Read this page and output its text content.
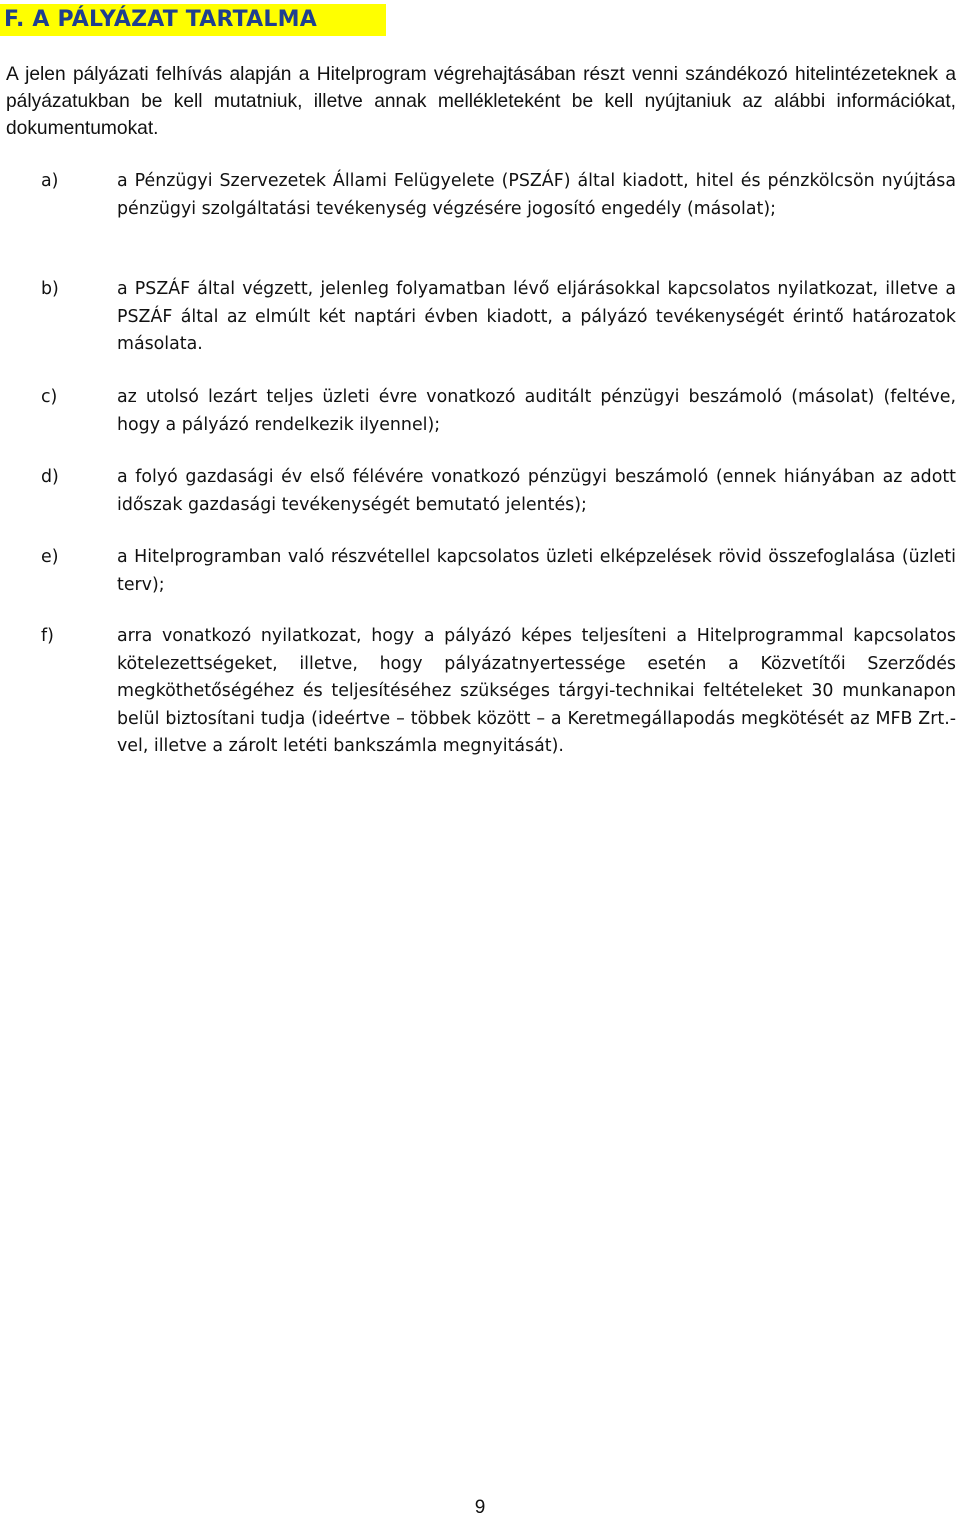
F. A PÁLYÁZAT TARTALMA

A jelen pályázati felhívás alapján a Hitelprogram végrehajtásában részt venni szándékozó hitelintézeteknek a pályázatukban be kell mutatniuk, illetve annak mellékleteként be kell nyújtaniuk az alábbi információkat, dokumentumokat.

a)	a Pénzügyi Szervezetek Állami Felügyelete (PSZÁF) által kiadott, hitel és pénzkölcsön nyújtása pénzügyi szolgáltatási tevékenység végzésére jogosító engedély (másolat);

b)	a PSZÁF által végzett, jelenleg folyamatban lévő eljárásokkal kapcsolatos nyilatkozat, illetve a PSZÁF által az elmúlt két naptári évben kiadott, a pályázó tevékenységét érintő határozatok másolata.

c)	az utolsó lezárt teljes üzleti évre vonatkozó auditált pénzügyi beszámoló (másolat) (feltéve, hogy a pályázó rendelkezik ilyennel);

d)	a folyó gazdasági év első félévére vonatkozó pénzügyi beszámoló (ennek hiányában az adott időszak gazdasági tevékenységét bemutató jelentés);

e)	a Hitelprogramban való részvétellel kapcsolatos üzleti elképzelések rövid összefoglalása (üzleti terv);

f)	arra vonatkozó nyilatkozat, hogy a pályázó képes teljesíteni a Hitelprogrammal kapcsolatos kötelezettségeket, illetve, hogy pályázatnyertessége esetén a Közvetítői Szerződés megköthetőségéhez és teljesítéséhez szükséges tárgyi-technikai feltételeket 30 munkanapon belül biztosítani tudja (ideértve – többek között – a Keretmegállapodás megkötését az MFB Zrt.-vel, illetve a zárolt letéti bankszámla megnyitását).

9
